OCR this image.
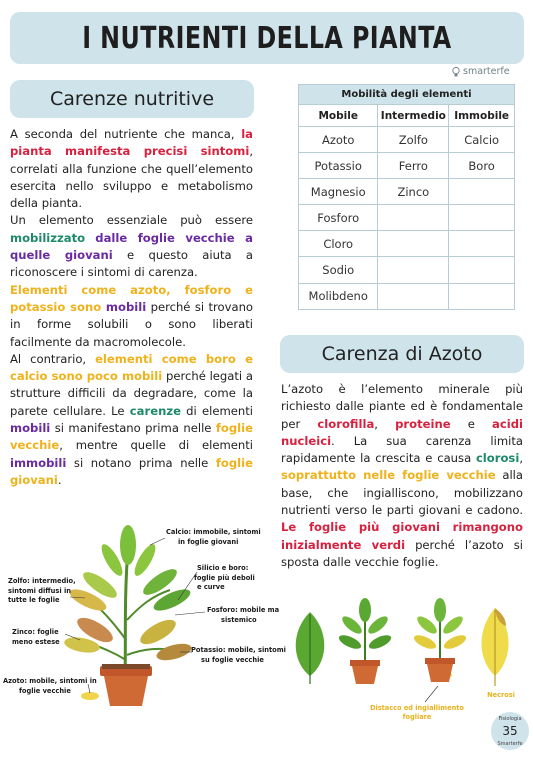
I NUTRIENTI DELLA PIANTA
smarterfe
Carenze nutritive

A seconda del nutriente che manca, la pianta manifesta precisi sintomi, correlati alla funzione che quell’elemento esercita nello sviluppo e metabolismo della pianta.

Un elemento essenziale può essere mobilizzato dalle foglie vecchie a quelle giovani e questo aiuta a riconoscere i sintomi di carenza.

Elementi come azoto, fosforo e potassio sono mobili perché si trovano in forme solubili o sono liberati facilmente da macromolecole.

Al contrario, elementi come boro e calcio sono poco mobili perché legati a strutture difficili da degradare, come la parete cellulare. Le carenze di elementi mobili si manifestano prima nelle foglie vecchie, mentre quelle di elementi immobili si notano prima nelle foglie giovani.

Mobilità degli elementi		
Mobile	Intermedio	Immobile
Azoto	Zolfo	Calcio
Potassio	Ferro	Boro
Magnesio	Zinco	
Fosforo		
Cloro		
Sodio		
Molibdeno		
Carenza di Azoto

L’azoto è l’elemento minerale più richiesto dalle piante ed è fondamentale per clorofilla, proteine e acidi nucleici. La sua carenza limita rapidamente la crescita e causa clorosi, soprattutto nelle foglie vecchie alla base, che ingialliscono, mobilizzano nutrienti verso le parti giovani e cadono. Le foglie più giovani rimangono inizialmente verdi perché l’azoto si sposta dalle vecchie foglie.

Calcio: immobile, sintomi
in foglie giovani
Silicio e boro:
foglie più deboli
e curve
Fosforo: mobile ma
sistemico
Potassio: mobile, sintomi
su foglie vecchie
Zolfo: intermedio,
sintomi diffusi in
tutte le foglie
Zinco: foglie
meno estese
Azoto: mobile, sintomi in
foglie vecchie
Distacco ed ingiallimento
fogliare
Necrosi
Fisiologia
35
Smarterfe
